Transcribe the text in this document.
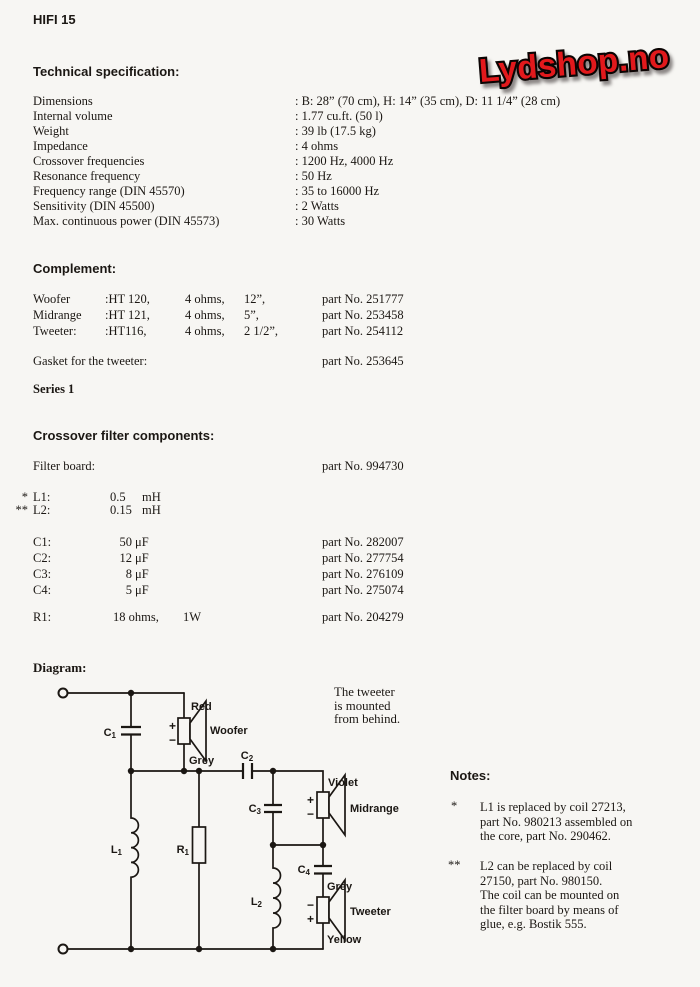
HIFI 15
Lydshop.no
Technical specification:
Dimensions	: B: 28” (70 cm), H: 14” (35 cm), D: 11 1/4” (28 cm)
Internal volume	: 1.77 cu.ft. (50 l)
Weight	: 39 lb (17.5 kg)
Impedance	: 4 ohms
Crossover frequencies	: 1200 Hz, 4000 Hz
Resonance frequency	: 50 Hz
Frequency range (DIN 45570)	: 35 to 16000 Hz
Sensitivity (DIN 45500)	: 2 Watts
Max. continuous power (DIN 45573)	: 30 Watts
Complement:
Woofer	:HT 120,	4 ohms, 12”,	part No. 251777
Midrange :HT 121,	4 ohms, 5”,	part No. 253458
Tweeter: :HT116,	4 ohms, 2 1/2”,	part No. 254112
Gasket for the tweeter:	part No. 253645
Series 1
Crossover filter components:
Filter board:	part No. 994730
* L1:	0.5 mH
** L2:	0.15 mH
C1:	50 μF	part No. 282007
C2:	12 μF	part No. 277754
C3:	8 μF	part No. 276109
C4:	5 μF	part No. 275074
R1:	18 ohms, 1W	part No. 204279
Diagram:
The tweeter
is mounted
from behind.
C1
C2
C3
C4
L1
L2
R1
Red
Grey
Woofer
Violet
Midrange
Grey
Tweeter
Yellow
+
−
+
−
−
+
Notes:
* L1 is replaced by coil 27213,
part No. 980213 assembled on
the core, part No. 290462.
** L2 can be replaced by coil
27150, part No. 980150.
The coil can be mounted on
the filter board by means of
glue, e.g. Bostik 555.
